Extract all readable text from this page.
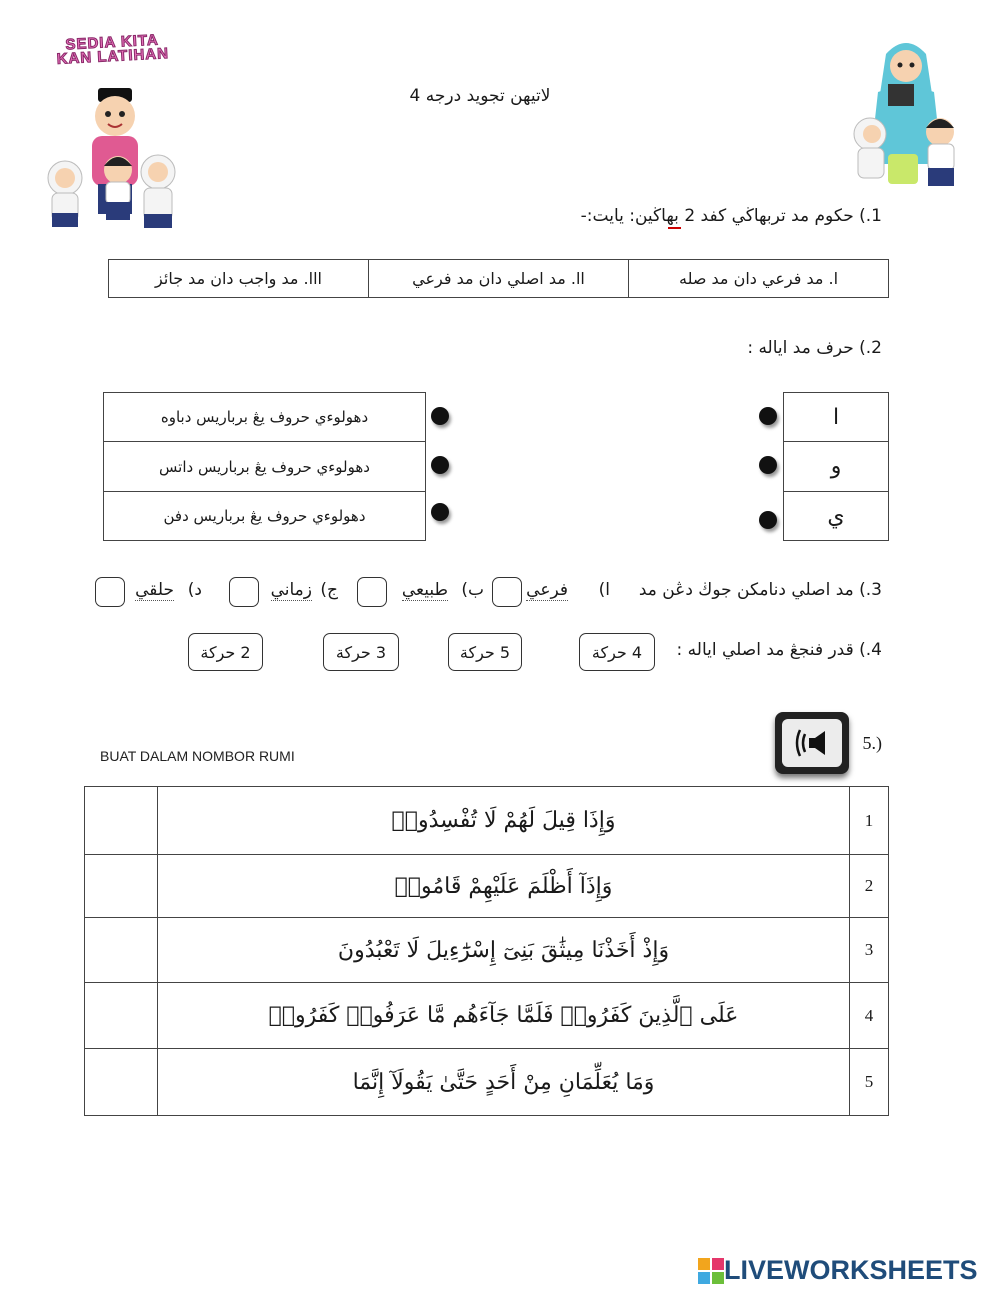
SEDIA KITA KAN LATIHAN
لاتيهن تجويد درجه 4
1.) حكوم مد تربهاڬي كفد 2 بهاڬين: يايت:-
ا. مد فرعي دان مد صله
اا. مد اصلي دان مد فرعي
ااا. مد واجب دان مد جائز
2.) حرف مد اياله :
دهولوءي حروف يڠ برباريس دباوه
دهولوءي حروف يڠ برباريس داتس
دهولوءي حروف يڠ برباريس دفن
ا
و
ي
3.) مد اصلي دنامكن جوڬ دڠن مد
ا)
فرعي
ب)
طبيعي
ج)
زماني
د)
حلقي
4.) قدر فنجڠ مد اصلي اياله :
4 حركة
5 حركة
3 حركة
2 حركة
5.)
BUAT DALAM NOMBOR RUMI
وَإِذَا قِيلَ لَهُمْ لَا تُفْسِدُوا۟	1
وَإِذَآ أَظْلَمَ عَلَيْهِمْ قَامُوا۟	2
وَإِذْ أَخَذْنَا مِيثَٰقَ بَنِىٓ إِسْرَٰٓءِيلَ لَا تَعْبُدُونَ	3
عَلَى ٱلَّذِينَ كَفَرُوا۟ فَلَمَّا جَآءَهُم مَّا عَرَفُوا۟ كَفَرُوا۟	4
وَمَا يُعَلِّمَانِ مِنْ أَحَدٍ حَتَّىٰ يَقُولَآ إِنَّمَا	5
LIVEWORKSHEETS
